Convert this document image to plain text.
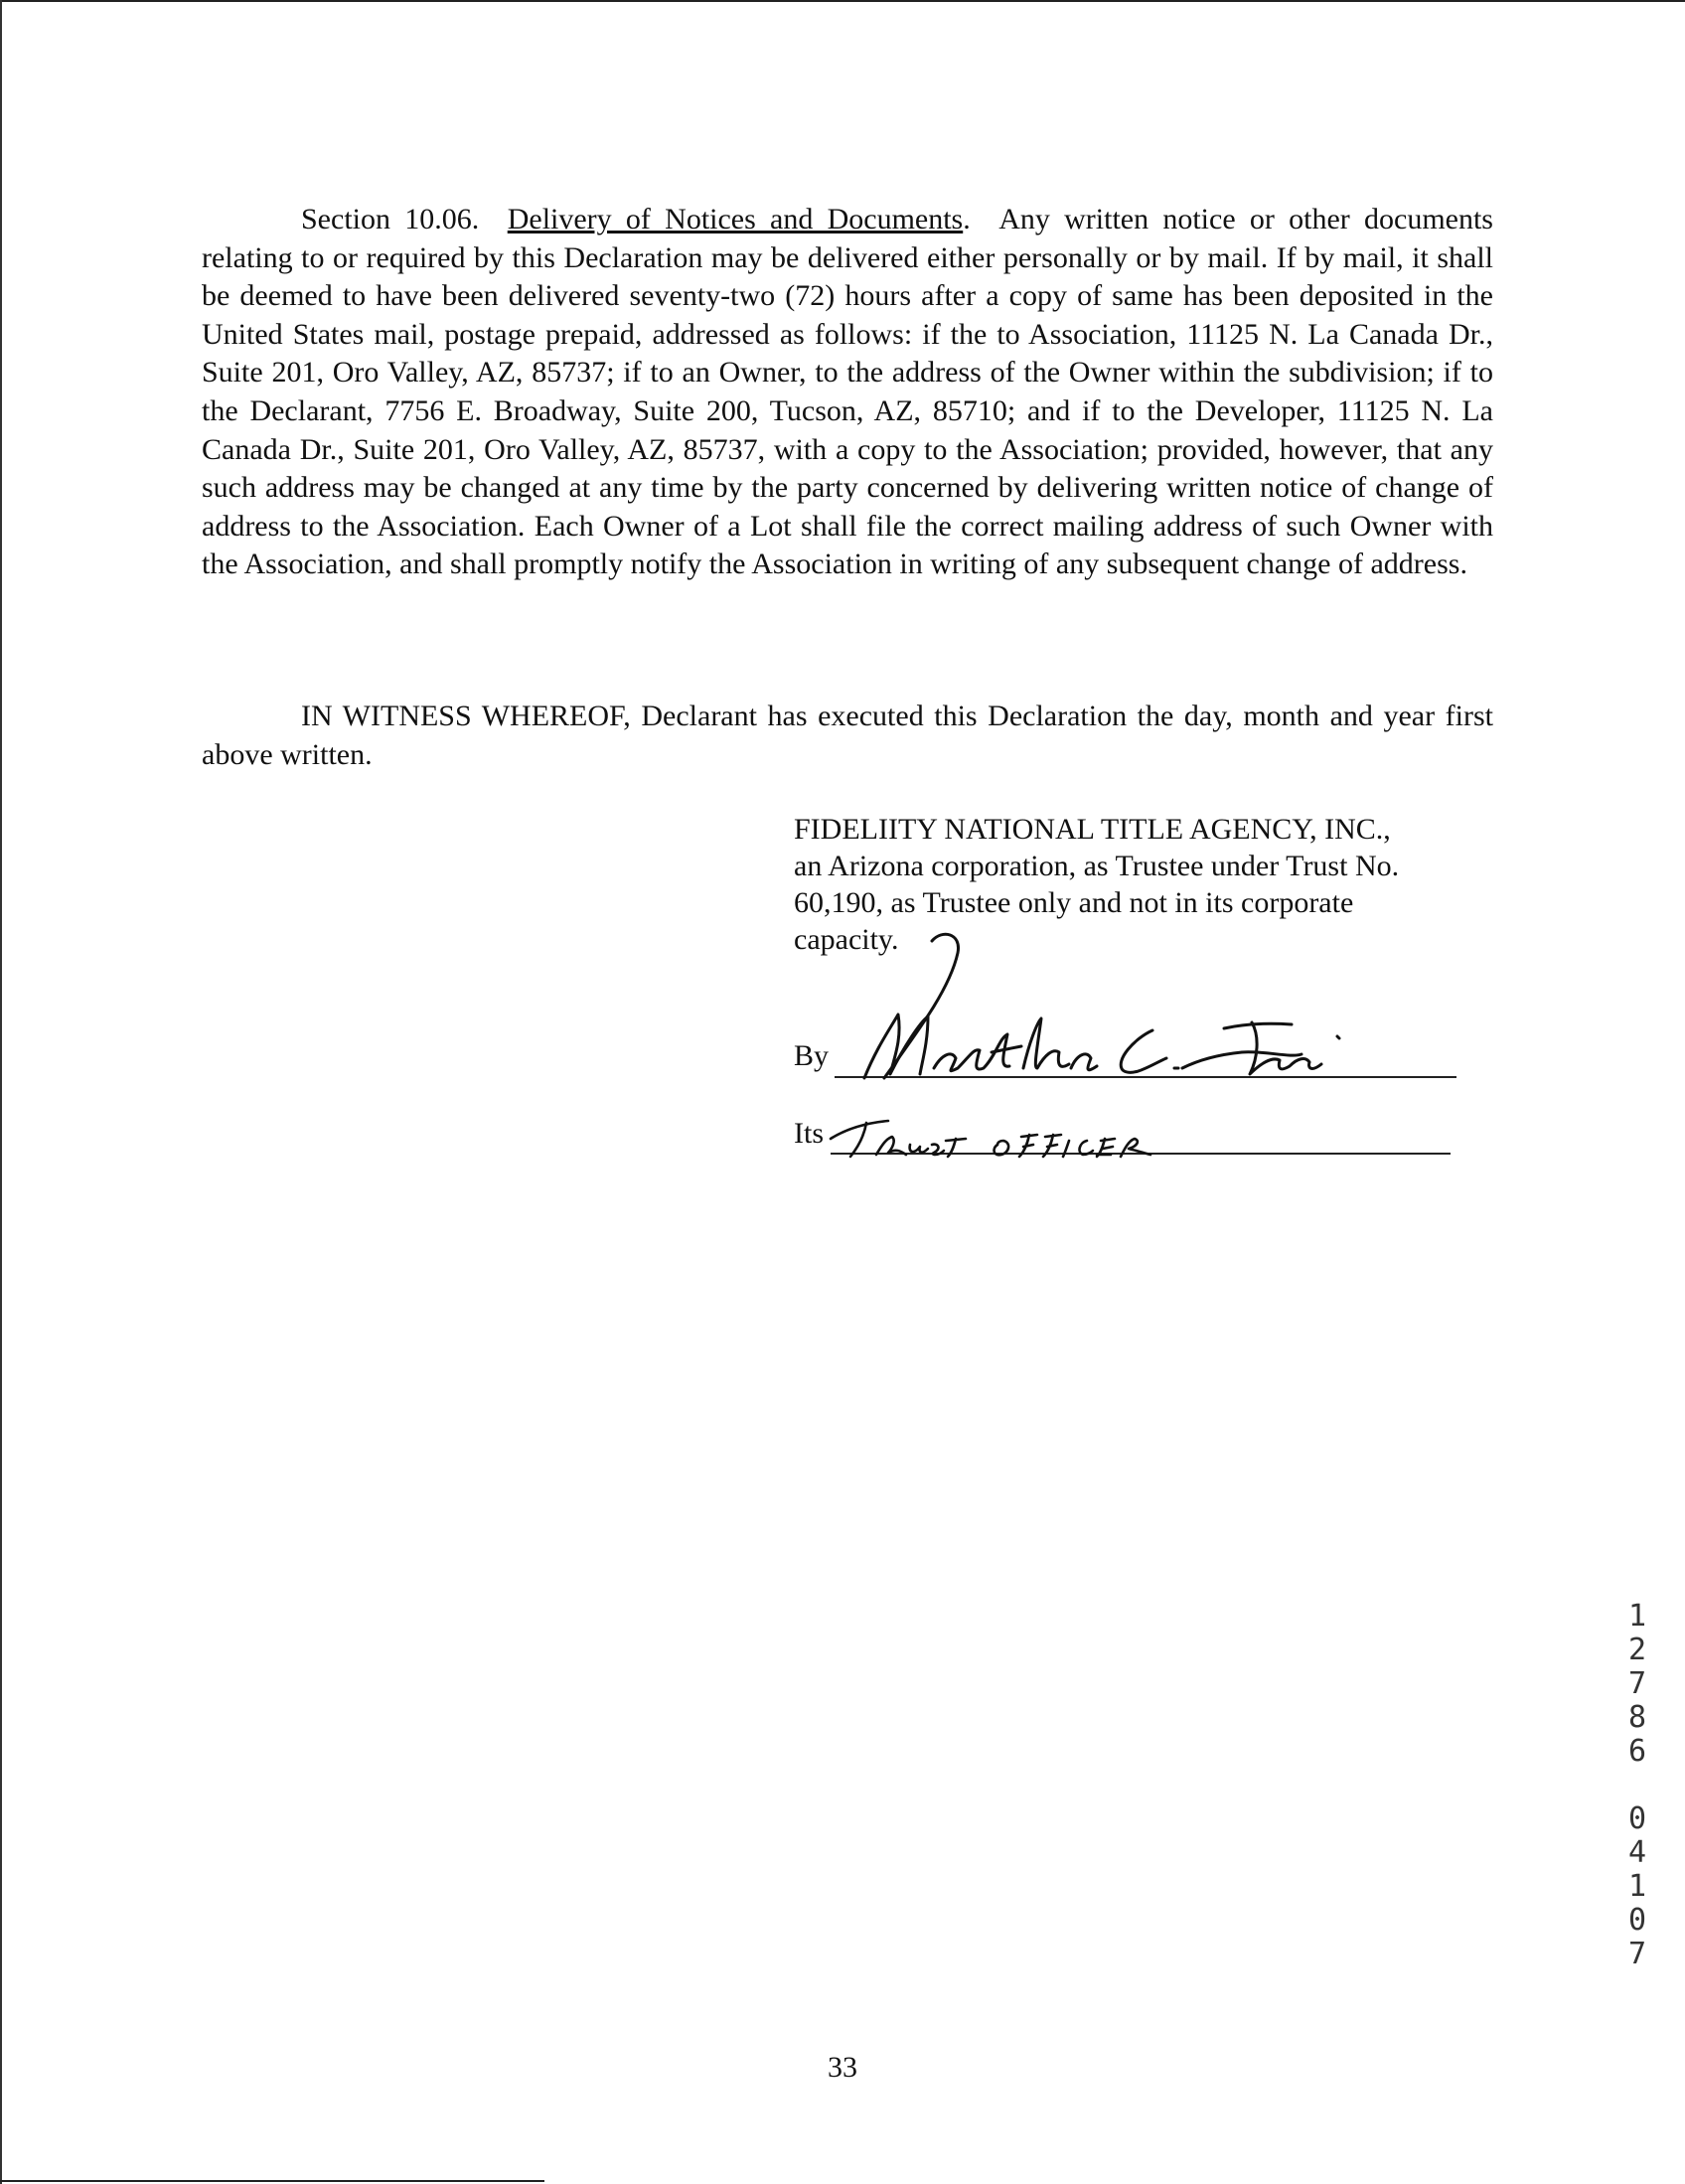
Section 10.06. Delivery of Notices and Documents. Any written notice or other documents relating to or required by this Declaration may be delivered either personally or by mail. If by mail, it shall be deemed to have been delivered seventy-two (72) hours after a copy of same has been deposited in the United States mail, postage prepaid, addressed as follows: if the to Association, 11125 N. La Canada Dr., Suite 201, Oro Valley, AZ, 85737; if to an Owner, to the address of the Owner within the subdivision; if to the Declarant, 7756 E. Broadway, Suite 200, Tucson, AZ, 85710; and if to the Developer, 11125 N. La Canada Dr., Suite 201, Oro Valley, AZ, 85737, with a copy to the Association; provided, however, that any such address may be changed at any time by the party concerned by delivering written notice of change of address to the Association. Each Owner of a Lot shall file the correct mailing address of such Owner with the Association, and shall promptly notify the Association in writing of any subsequent change of address.

IN WITNESS WHEREOF, Declarant has executed this Declaration the day, month and year first above written.

FIDELIITY NATIONAL TITLE AGENCY, INC.,
an Arizona corporation, as Trustee under Trust No.
60,190, as Trustee only and not in its corporate
capacity.
By
Its
1
2
7
8
6

0
4
1
0
7
33
